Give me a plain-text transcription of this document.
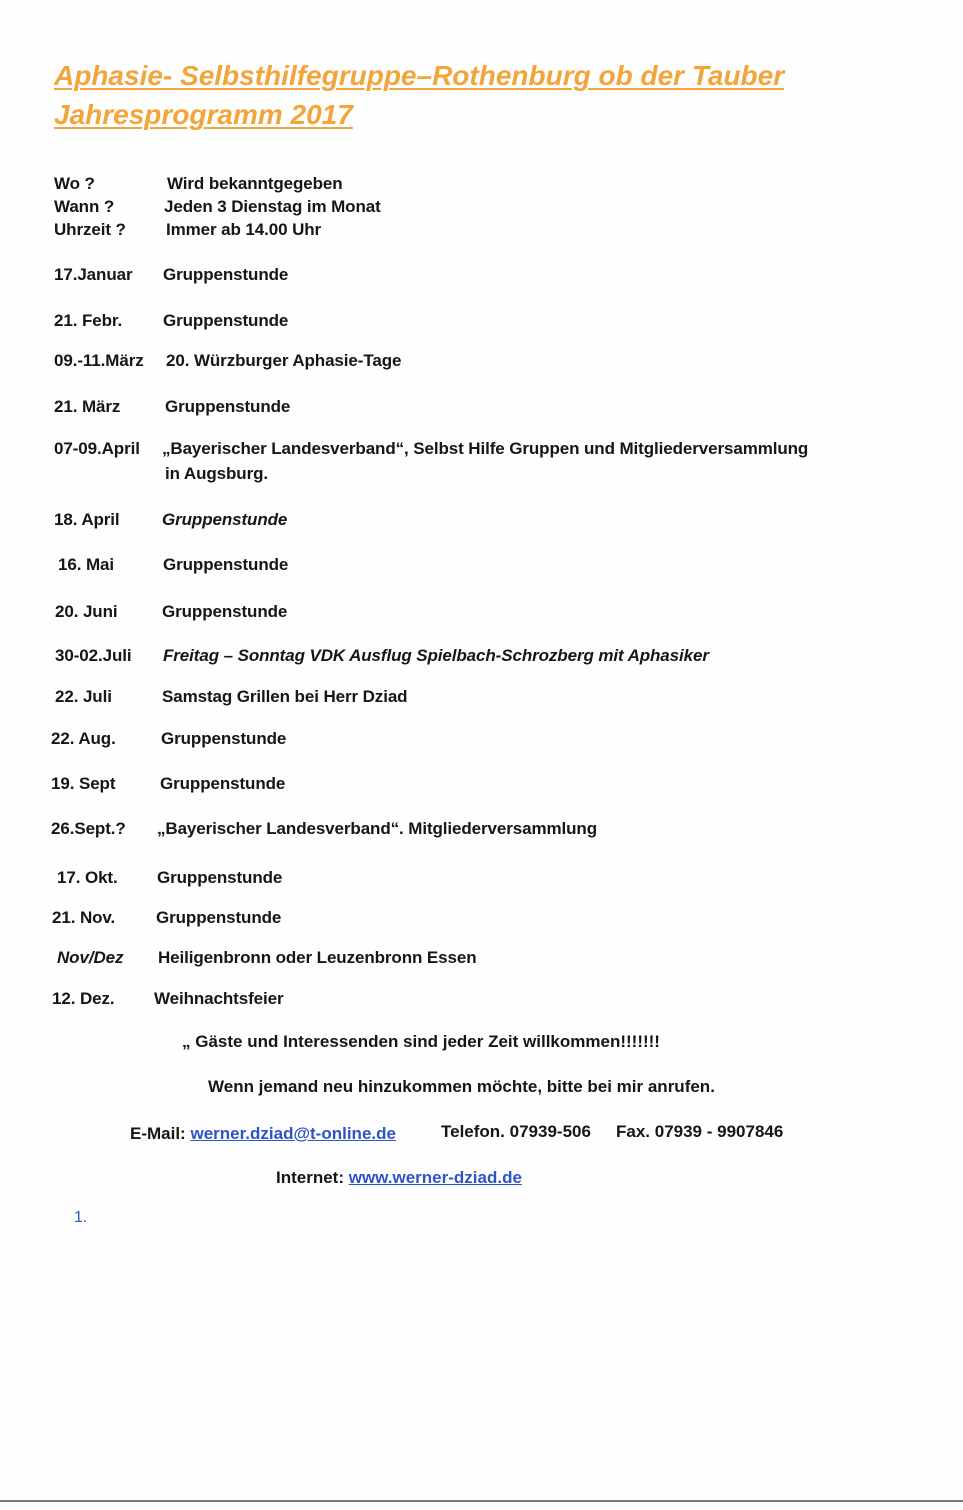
Aphasie- Selbsthilfegruppe–Rothenburg ob der Tauber
Jahresprogramm 2017
Wo ?	Wird bekanntgegeben
Wann ?	Jeden 3 Dienstag im Monat
Uhrzeit ? Immer ab 14.00 Uhr
17.Januar Gruppenstunde
21. Febr. Gruppenstunde
09.-11.März 20. Würzburger Aphasie-Tage
21. März	Gruppenstunde
07-09.April „Bayerischer Landesverband“, Selbst Hilfe Gruppen und Mitgliederversammlung
in Augsburg.
18. April Gruppenstunde
16. Mai	Gruppenstunde
20. Juni	Gruppenstunde
30-02.Juli Freitag – Sonntag VDK Ausflug Spielbach-Schrozberg mit Aphasiker
22. Juli	Samstag Grillen bei Herr Dziad
22. Aug.	Gruppenstunde
19. Sept	Gruppenstunde
26.Sept.? „Bayerischer Landesverband“. Mitgliederversammlung
17. Okt. Gruppenstunde
21. Nov. Gruppenstunde
Nov/Dez Heiligenbronn oder Leuzenbronn Essen
12. Dez. Weihnachtsfeier
„ Gäste und Interessenden sind jeder Zeit willkommen!!!!!!!
Wenn jemand neu hinzukommen möchte, bitte bei mir anrufen.
E-Mail: werner.dziad@t-online.de	Telefon. 07939-506 Fax. 07939 - 9907846
Internet: www.werner-dziad.de
1.
